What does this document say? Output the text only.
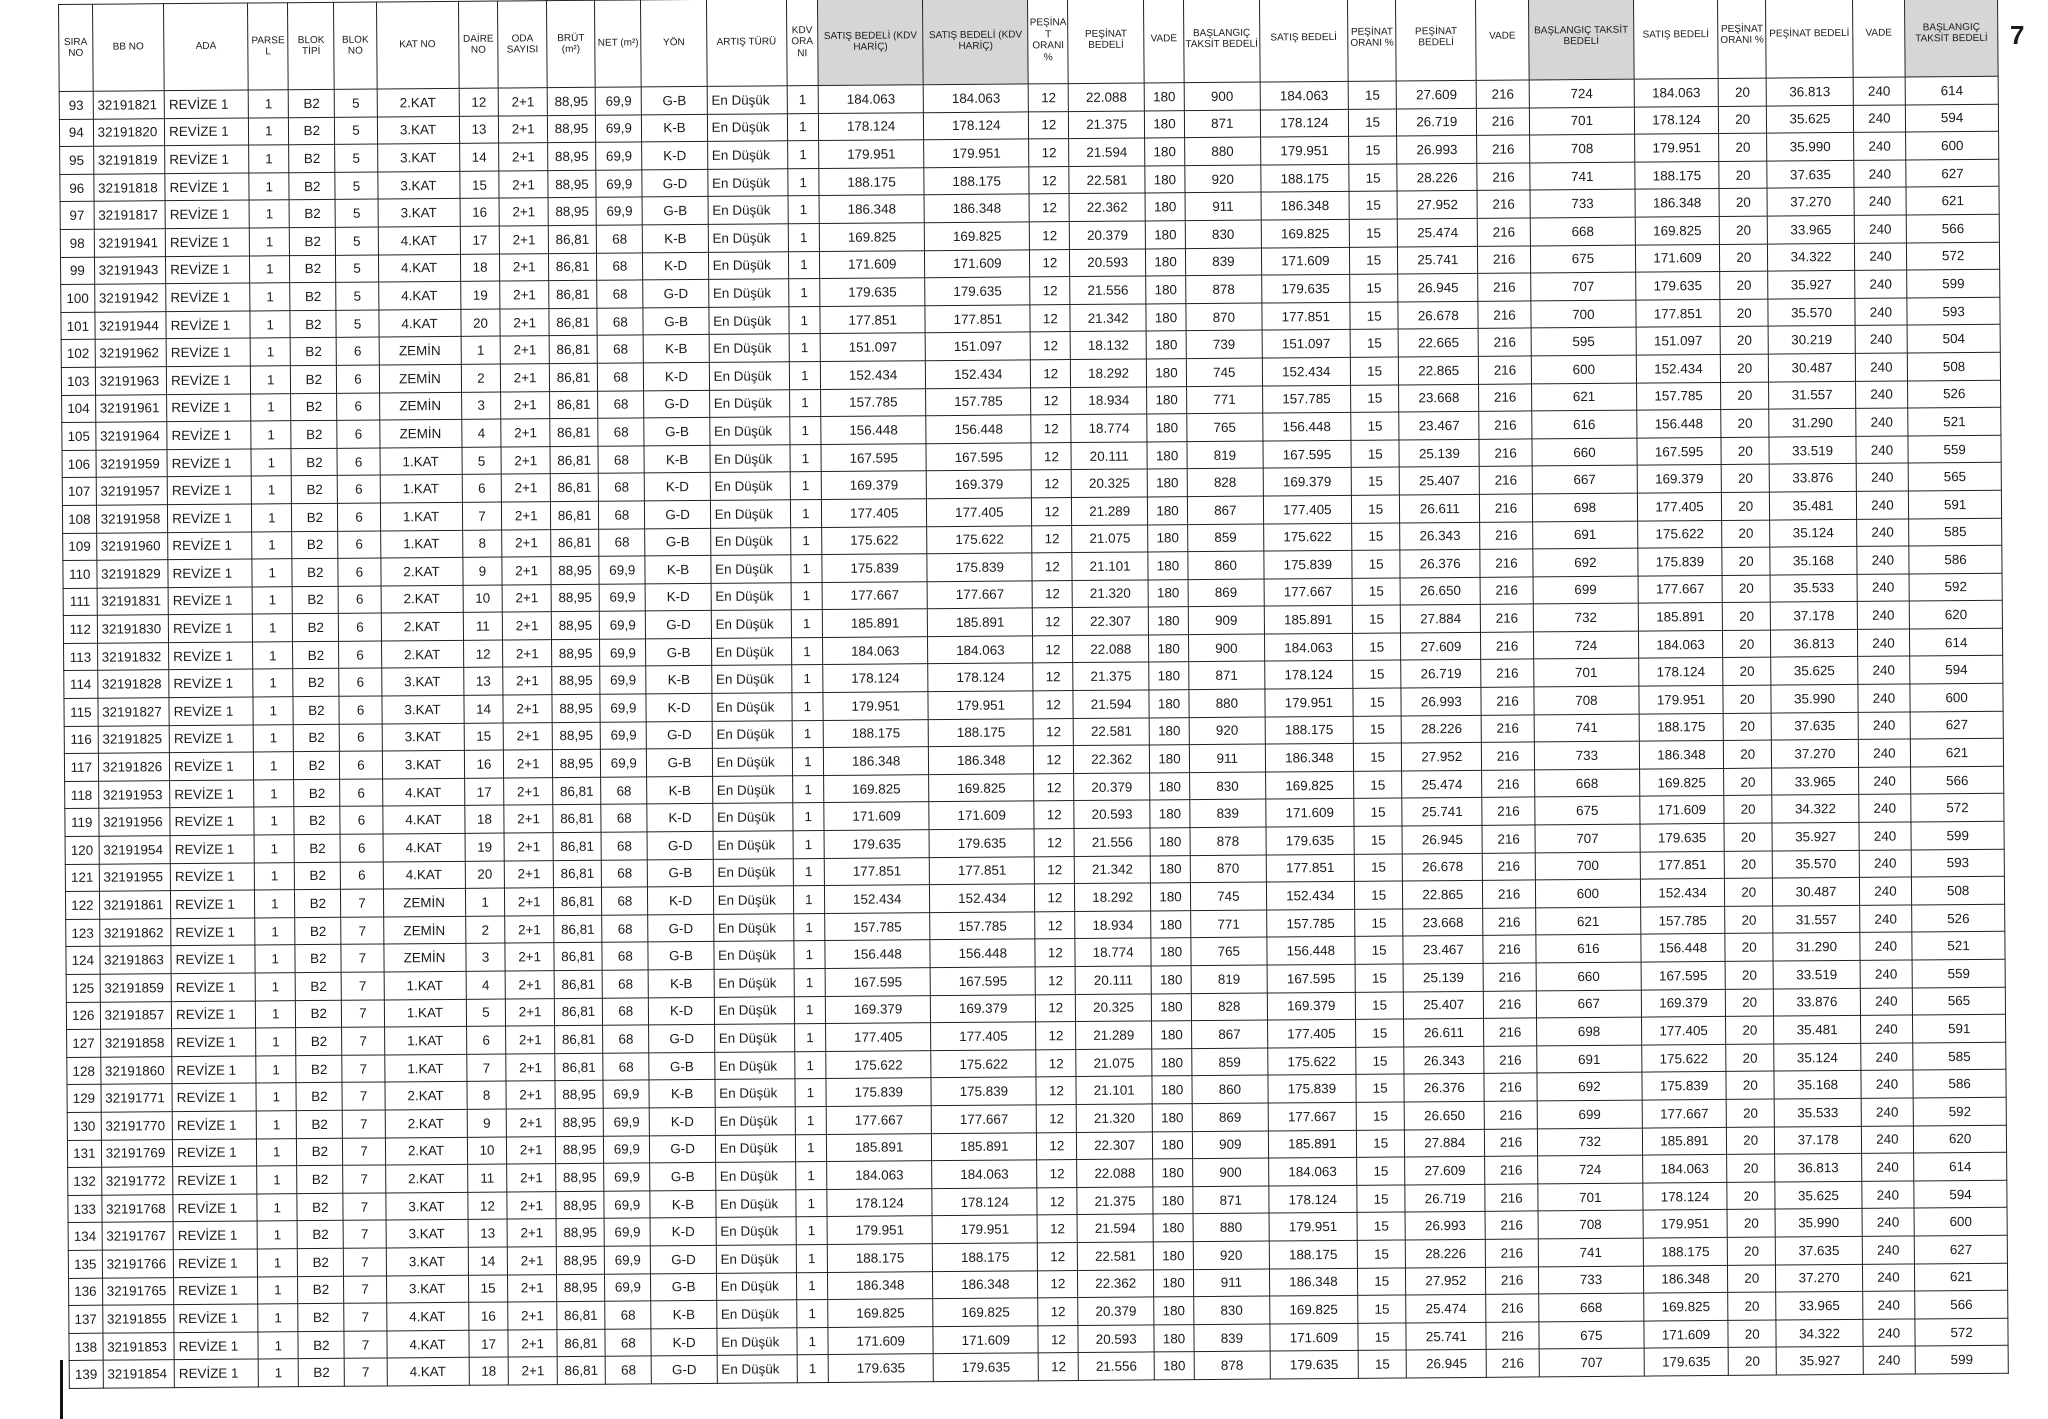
7
SIRA NO	BB NO	ADA	PARSE L	BLOK TİPİ	BLOK NO	KAT NO	DAİRE NO	ODA SAYISI	BRÜT (m²)	NET (m²)	YÖN	ARTIŞ TÜRÜ	KDV ORA NI	SATIŞ BEDELİ (KDV HARİÇ)	SATIŞ BEDELİ (KDV HARİÇ)	PEŞİNA T ORANI %	PEŞİNAT BEDELİ	VADE	BAŞLANGIÇ TAKSİT BEDELİ	SATIŞ BEDELİ	PEŞİNAT ORANI %	PEŞİNAT BEDELİ	VADE	BAŞLANGIÇ TAKSİT BEDELİ	SATIŞ BEDELİ	PEŞİNAT ORANI %	PEŞİNAT BEDELİ	VADE	BAŞLANGIÇ TAKSİT BEDELİ
93	32191821	REVİZE 1	1	B2	5	2.KAT	12	2+1	88,95	69,9	G-B	En Düşük	1	184.063	184.063	12	22.088	180	900	184.063	15	27.609	216	724	184.063	20	36.813	240	614
94	32191820	REVİZE 1	1	B2	5	3.KAT	13	2+1	88,95	69,9	K-B	En Düşük	1	178.124	178.124	12	21.375	180	871	178.124	15	26.719	216	701	178.124	20	35.625	240	594
95	32191819	REVİZE 1	1	B2	5	3.KAT	14	2+1	88,95	69,9	K-D	En Düşük	1	179.951	179.951	12	21.594	180	880	179.951	15	26.993	216	708	179.951	20	35.990	240	600
96	32191818	REVİZE 1	1	B2	5	3.KAT	15	2+1	88,95	69,9	G-D	En Düşük	1	188.175	188.175	12	22.581	180	920	188.175	15	28.226	216	741	188.175	20	37.635	240	627
97	32191817	REVİZE 1	1	B2	5	3.KAT	16	2+1	88,95	69,9	G-B	En Düşük	1	186.348	186.348	12	22.362	180	911	186.348	15	27.952	216	733	186.348	20	37.270	240	621
98	32191941	REVİZE 1	1	B2	5	4.KAT	17	2+1	86,81	68	K-B	En Düşük	1	169.825	169.825	12	20.379	180	830	169.825	15	25.474	216	668	169.825	20	33.965	240	566
99	32191943	REVİZE 1	1	B2	5	4.KAT	18	2+1	86,81	68	K-D	En Düşük	1	171.609	171.609	12	20.593	180	839	171.609	15	25.741	216	675	171.609	20	34.322	240	572
100	32191942	REVİZE 1	1	B2	5	4.KAT	19	2+1	86,81	68	G-D	En Düşük	1	179.635	179.635	12	21.556	180	878	179.635	15	26.945	216	707	179.635	20	35.927	240	599
101	32191944	REVİZE 1	1	B2	5	4.KAT	20	2+1	86,81	68	G-B	En Düşük	1	177.851	177.851	12	21.342	180	870	177.851	15	26.678	216	700	177.851	20	35.570	240	593
102	32191962	REVİZE 1	1	B2	6	ZEMİN	1	2+1	86,81	68	K-B	En Düşük	1	151.097	151.097	12	18.132	180	739	151.097	15	22.665	216	595	151.097	20	30.219	240	504
103	32191963	REVİZE 1	1	B2	6	ZEMİN	2	2+1	86,81	68	K-D	En Düşük	1	152.434	152.434	12	18.292	180	745	152.434	15	22.865	216	600	152.434	20	30.487	240	508
104	32191961	REVİZE 1	1	B2	6	ZEMİN	3	2+1	86,81	68	G-D	En Düşük	1	157.785	157.785	12	18.934	180	771	157.785	15	23.668	216	621	157.785	20	31.557	240	526
105	32191964	REVİZE 1	1	B2	6	ZEMİN	4	2+1	86,81	68	G-B	En Düşük	1	156.448	156.448	12	18.774	180	765	156.448	15	23.467	216	616	156.448	20	31.290	240	521
106	32191959	REVİZE 1	1	B2	6	1.KAT	5	2+1	86,81	68	K-B	En Düşük	1	167.595	167.595	12	20.111	180	819	167.595	15	25.139	216	660	167.595	20	33.519	240	559
107	32191957	REVİZE 1	1	B2	6	1.KAT	6	2+1	86,81	68	K-D	En Düşük	1	169.379	169.379	12	20.325	180	828	169.379	15	25.407	216	667	169.379	20	33.876	240	565
108	32191958	REVİZE 1	1	B2	6	1.KAT	7	2+1	86,81	68	G-D	En Düşük	1	177.405	177.405	12	21.289	180	867	177.405	15	26.611	216	698	177.405	20	35.481	240	591
109	32191960	REVİZE 1	1	B2	6	1.KAT	8	2+1	86,81	68	G-B	En Düşük	1	175.622	175.622	12	21.075	180	859	175.622	15	26.343	216	691	175.622	20	35.124	240	585
110	32191829	REVİZE 1	1	B2	6	2.KAT	9	2+1	88,95	69,9	K-B	En Düşük	1	175.839	175.839	12	21.101	180	860	175.839	15	26.376	216	692	175.839	20	35.168	240	586
111	32191831	REVİZE 1	1	B2	6	2.KAT	10	2+1	88,95	69,9	K-D	En Düşük	1	177.667	177.667	12	21.320	180	869	177.667	15	26.650	216	699	177.667	20	35.533	240	592
112	32191830	REVİZE 1	1	B2	6	2.KAT	11	2+1	88,95	69,9	G-D	En Düşük	1	185.891	185.891	12	22.307	180	909	185.891	15	27.884	216	732	185.891	20	37.178	240	620
113	32191832	REVİZE 1	1	B2	6	2.KAT	12	2+1	88,95	69,9	G-B	En Düşük	1	184.063	184.063	12	22.088	180	900	184.063	15	27.609	216	724	184.063	20	36.813	240	614
114	32191828	REVİZE 1	1	B2	6	3.KAT	13	2+1	88,95	69,9	K-B	En Düşük	1	178.124	178.124	12	21.375	180	871	178.124	15	26.719	216	701	178.124	20	35.625	240	594
115	32191827	REVİZE 1	1	B2	6	3.KAT	14	2+1	88,95	69,9	K-D	En Düşük	1	179.951	179.951	12	21.594	180	880	179.951	15	26.993	216	708	179.951	20	35.990	240	600
116	32191825	REVİZE 1	1	B2	6	3.KAT	15	2+1	88,95	69,9	G-D	En Düşük	1	188.175	188.175	12	22.581	180	920	188.175	15	28.226	216	741	188.175	20	37.635	240	627
117	32191826	REVİZE 1	1	B2	6	3.KAT	16	2+1	88,95	69,9	G-B	En Düşük	1	186.348	186.348	12	22.362	180	911	186.348	15	27.952	216	733	186.348	20	37.270	240	621
118	32191953	REVİZE 1	1	B2	6	4.KAT	17	2+1	86,81	68	K-B	En Düşük	1	169.825	169.825	12	20.379	180	830	169.825	15	25.474	216	668	169.825	20	33.965	240	566
119	32191956	REVİZE 1	1	B2	6	4.KAT	18	2+1	86,81	68	K-D	En Düşük	1	171.609	171.609	12	20.593	180	839	171.609	15	25.741	216	675	171.609	20	34.322	240	572
120	32191954	REVİZE 1	1	B2	6	4.KAT	19	2+1	86,81	68	G-D	En Düşük	1	179.635	179.635	12	21.556	180	878	179.635	15	26.945	216	707	179.635	20	35.927	240	599
121	32191955	REVİZE 1	1	B2	6	4.KAT	20	2+1	86,81	68	G-B	En Düşük	1	177.851	177.851	12	21.342	180	870	177.851	15	26.678	216	700	177.851	20	35.570	240	593
122	32191861	REVİZE 1	1	B2	7	ZEMİN	1	2+1	86,81	68	K-D	En Düşük	1	152.434	152.434	12	18.292	180	745	152.434	15	22.865	216	600	152.434	20	30.487	240	508
123	32191862	REVİZE 1	1	B2	7	ZEMİN	2	2+1	86,81	68	G-D	En Düşük	1	157.785	157.785	12	18.934	180	771	157.785	15	23.668	216	621	157.785	20	31.557	240	526
124	32191863	REVİZE 1	1	B2	7	ZEMİN	3	2+1	86,81	68	G-B	En Düşük	1	156.448	156.448	12	18.774	180	765	156.448	15	23.467	216	616	156.448	20	31.290	240	521
125	32191859	REVİZE 1	1	B2	7	1.KAT	4	2+1	86,81	68	K-B	En Düşük	1	167.595	167.595	12	20.111	180	819	167.595	15	25.139	216	660	167.595	20	33.519	240	559
126	32191857	REVİZE 1	1	B2	7	1.KAT	5	2+1	86,81	68	K-D	En Düşük	1	169.379	169.379	12	20.325	180	828	169.379	15	25.407	216	667	169.379	20	33.876	240	565
127	32191858	REVİZE 1	1	B2	7	1.KAT	6	2+1	86,81	68	G-D	En Düşük	1	177.405	177.405	12	21.289	180	867	177.405	15	26.611	216	698	177.405	20	35.481	240	591
128	32191860	REVİZE 1	1	B2	7	1.KAT	7	2+1	86,81	68	G-B	En Düşük	1	175.622	175.622	12	21.075	180	859	175.622	15	26.343	216	691	175.622	20	35.124	240	585
129	32191771	REVİZE 1	1	B2	7	2.KAT	8	2+1	88,95	69,9	K-B	En Düşük	1	175.839	175.839	12	21.101	180	860	175.839	15	26.376	216	692	175.839	20	35.168	240	586
130	32191770	REVİZE 1	1	B2	7	2.KAT	9	2+1	88,95	69,9	K-D	En Düşük	1	177.667	177.667	12	21.320	180	869	177.667	15	26.650	216	699	177.667	20	35.533	240	592
131	32191769	REVİZE 1	1	B2	7	2.KAT	10	2+1	88,95	69,9	G-D	En Düşük	1	185.891	185.891	12	22.307	180	909	185.891	15	27.884	216	732	185.891	20	37.178	240	620
132	32191772	REVİZE 1	1	B2	7	2.KAT	11	2+1	88,95	69,9	G-B	En Düşük	1	184.063	184.063	12	22.088	180	900	184.063	15	27.609	216	724	184.063	20	36.813	240	614
133	32191768	REVİZE 1	1	B2	7	3.KAT	12	2+1	88,95	69,9	K-B	En Düşük	1	178.124	178.124	12	21.375	180	871	178.124	15	26.719	216	701	178.124	20	35.625	240	594
134	32191767	REVİZE 1	1	B2	7	3.KAT	13	2+1	88,95	69,9	K-D	En Düşük	1	179.951	179.951	12	21.594	180	880	179.951	15	26.993	216	708	179.951	20	35.990	240	600
135	32191766	REVİZE 1	1	B2	7	3.KAT	14	2+1	88,95	69,9	G-D	En Düşük	1	188.175	188.175	12	22.581	180	920	188.175	15	28.226	216	741	188.175	20	37.635	240	627
136	32191765	REVİZE 1	1	B2	7	3.KAT	15	2+1	88,95	69,9	G-B	En Düşük	1	186.348	186.348	12	22.362	180	911	186.348	15	27.952	216	733	186.348	20	37.270	240	621
137	32191855	REVİZE 1	1	B2	7	4.KAT	16	2+1	86,81	68	K-B	En Düşük	1	169.825	169.825	12	20.379	180	830	169.825	15	25.474	216	668	169.825	20	33.965	240	566
138	32191853	REVİZE 1	1	B2	7	4.KAT	17	2+1	86,81	68	K-D	En Düşük	1	171.609	171.609	12	20.593	180	839	171.609	15	25.741	216	675	171.609	20	34.322	240	572
139	32191854	REVİZE 1	1	B2	7	4.KAT	18	2+1	86,81	68	G-D	En Düşük	1	179.635	179.635	12	21.556	180	878	179.635	15	26.945	216	707	179.635	20	35.927	240	599
